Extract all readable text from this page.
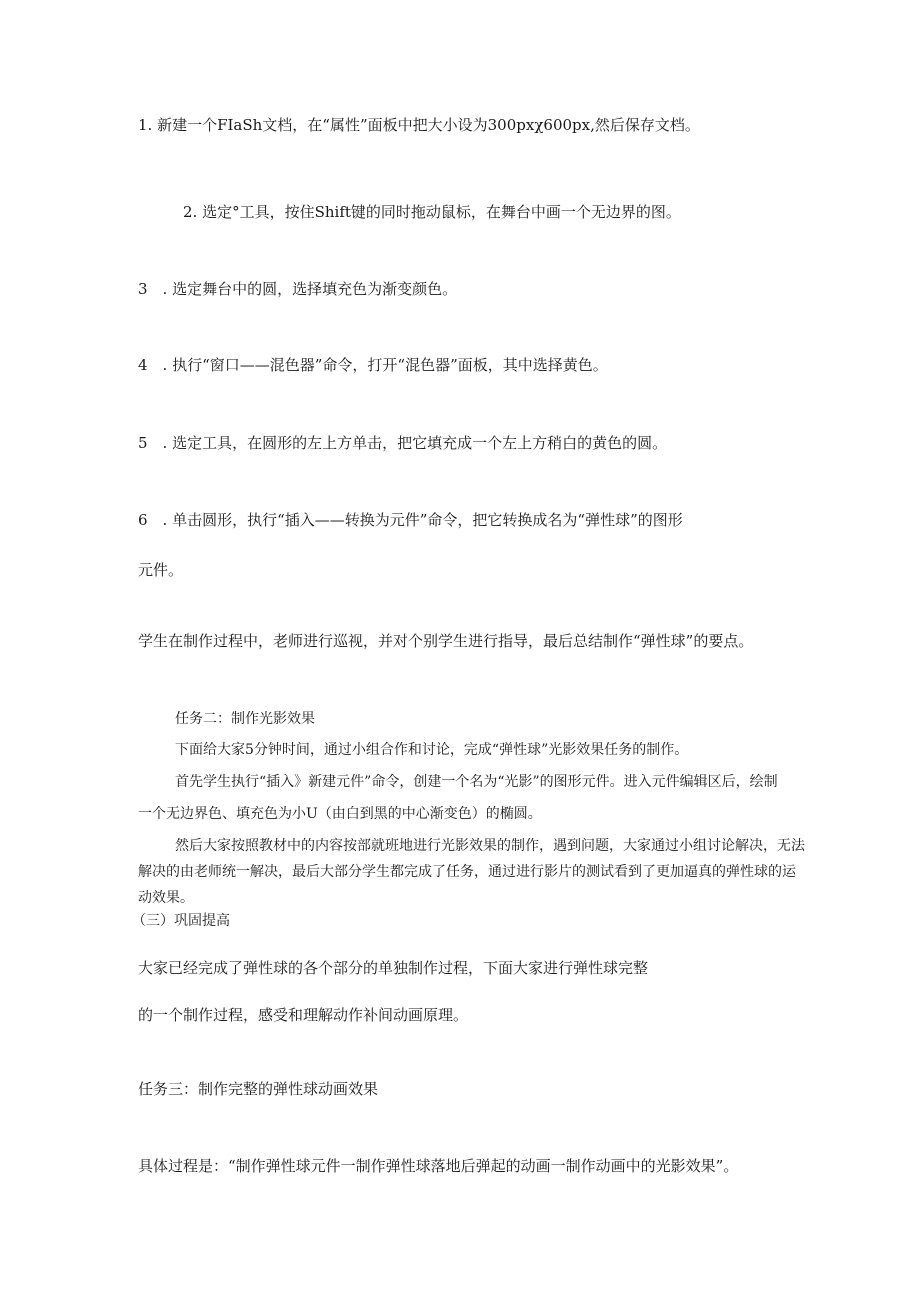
1. 新建一个FIaSh文档，在“属性”面板中把大小设为300pxχ600px,然后保存文档。
2. 选定°工具，按住Shift键的同时拖动鼠标，在舞台中画一个无边界的图。
3　. 选定舞台中的圆，选择填充色为渐变颜色。
4　. 执行“窗口——混色器”命令，打开“混色器”面板，其中选择黄色。
5　. 选定工具，在圆形的左上方单击，把它填充成一个左上方稍白的黄色的圆。
6　. 单击圆形，执行“插入——转换为元件”命令，把它转换成名为“弹性球”的图形
元件。
学生在制作过程中，老师进行巡视，并对个别学生进行指导，最后总结制作“弹性球”的要点。
任务二：制作光影效果
下面给大家5分钟时间，通过小组合作和讨论，完成“弹性球”光影效果任务的制作。
首先学生执行“插入》新建元件”命令，创建一个名为“光影”的图形元件。进入元件编辑区后，绘制
一个无边界色、填充色为小U（由白到黑的中心渐变色）的椭圆。
然后大家按照教材中的内容按部就班地进行光影效果的制作，遇到问题，大家通过小组讨论解决，无法
解决的由老师统一解决，最后大部分学生都完成了任务，通过进行影片的测试看到了更加逼真的弹性球的运
动效果。
（三）巩固提高
大家已经完成了弹性球的各个部分的单独制作过程，下面大家进行弹性球完整
的一个制作过程，感受和理解动作补间动画原理。
任务三：制作完整的弹性球动画效果
具体过程是：“制作弹性球元件一制作弹性球落地后弹起的动画一制作动画中的光影效果”。
